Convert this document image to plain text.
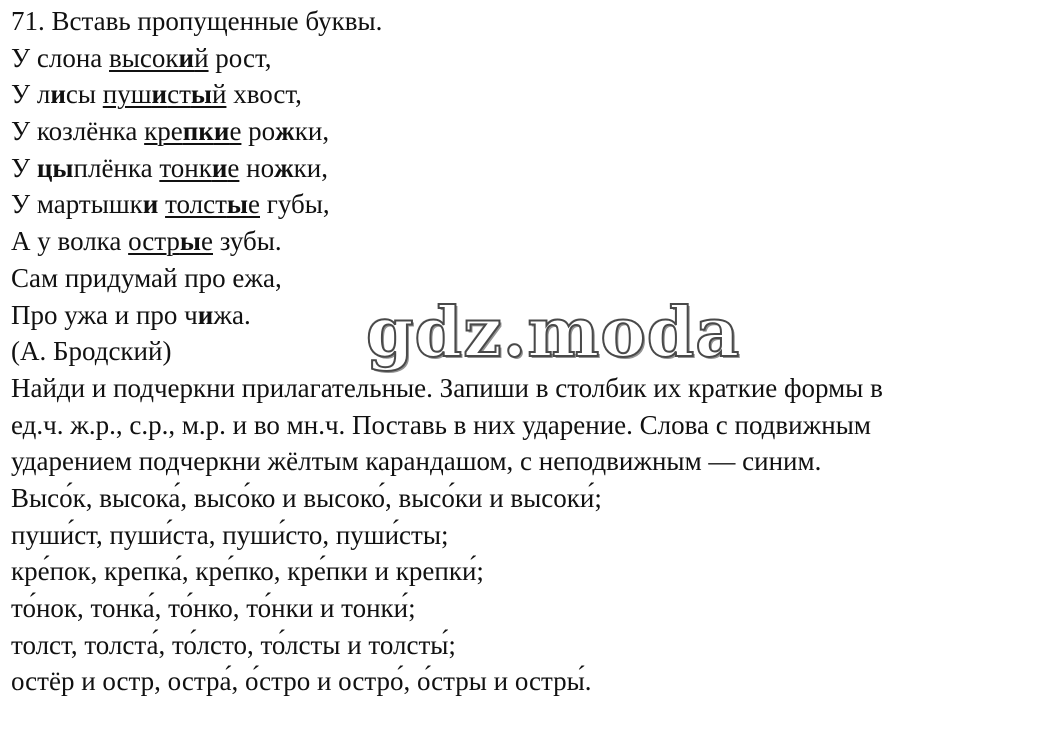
71. Вставь пропущенные буквы.
У слона высокий рост,
У лисы пушистый хвост,
У козлёнка крепкие рожки,
У цыплёнка тонкие ножки,
У мартышки толстые губы,
А у волка острые зубы.
Сам придумай про ежа,
Про ужа и про чижа.
(А. Бродский)
Найди и подчеркни прилагательные. Запиши в столбик их краткие формы в
ед.ч. ж.р., с.р., м.р. и во мн.ч. Поставь в них ударение. Слова с подвижным
ударением подчеркни жёлтым карандашом, с неподвижным — синим.
Высо́к, высока́, высо́ко и высоко́, высо́ки и высоки́;
пуши́ст, пуши́ста, пуши́сто, пуши́сты;
кре́пок, крепка́, кре́пко, кре́пки и крепки́;
то́нок, тонка́, то́нко, то́нки и тонки́;
толст, толста́, то́лсто, то́лсты и толсты́;
остёр и остр, остра́, о́стро и остро́, о́стры и остры́.
gdz.moda
